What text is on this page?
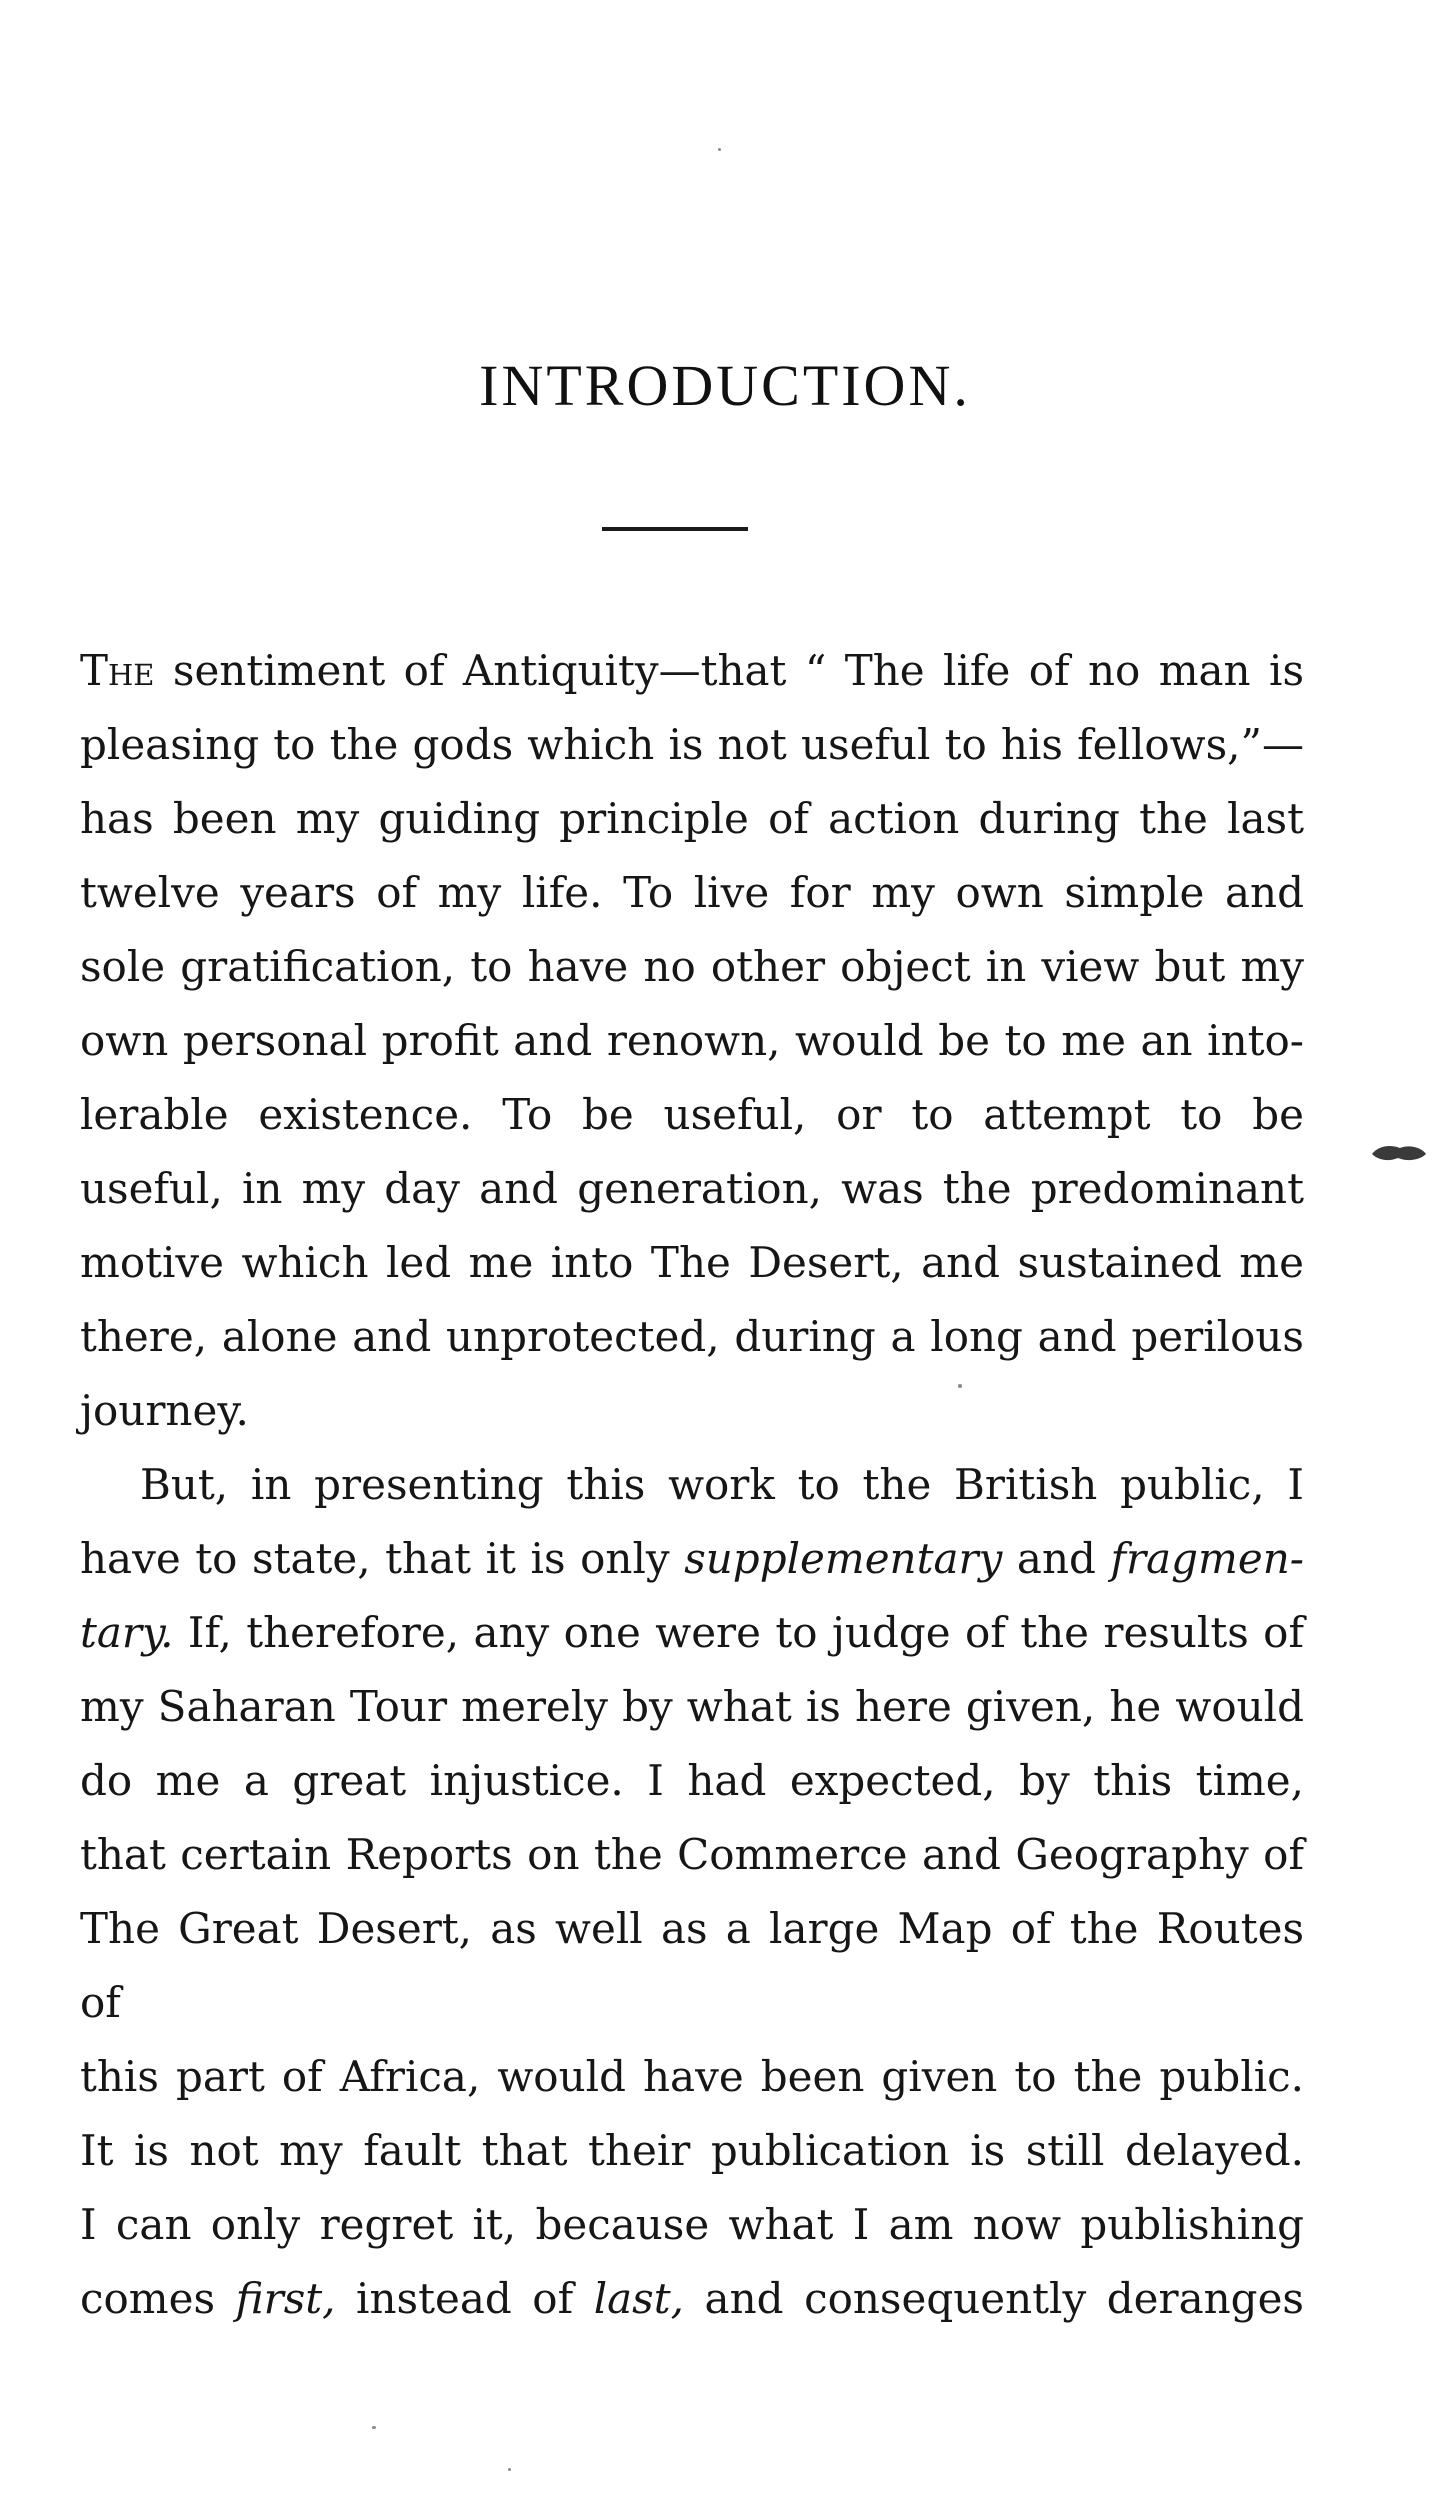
INTRODUCTION.

The sentiment of Antiquity—that “ The life of no man is

pleasing to the gods which is not useful to his fellows,”—

has been my guiding principle of action during the last

twelve years of my life. To live for my own simple and

sole gratification, to have no other object in view but my

own personal profit and renown, would be to me an into-

lerable existence. To be useful, or to attempt to be

useful, in my day and generation, was the predominant

motive which led me into The Desert, and sustained me

there, alone and unprotected, during a long and perilous

journey.

But, in presenting this work to the British public, I

have to state, that it is only supplementary and fragmen-

tary. If, therefore, any one were to judge of the results of

my Saharan Tour merely by what is here given, he would

do me a great injustice. I had expected, by this time,

that certain Reports on the Commerce and Geography of

The Great Desert, as well as a large Map of the Routes of

this part of Africa, would have been given to the public.

It is not my fault that their publication is still delayed.

I can only regret it, because what I am now publishing

comes first, instead of last, and consequently deranges
